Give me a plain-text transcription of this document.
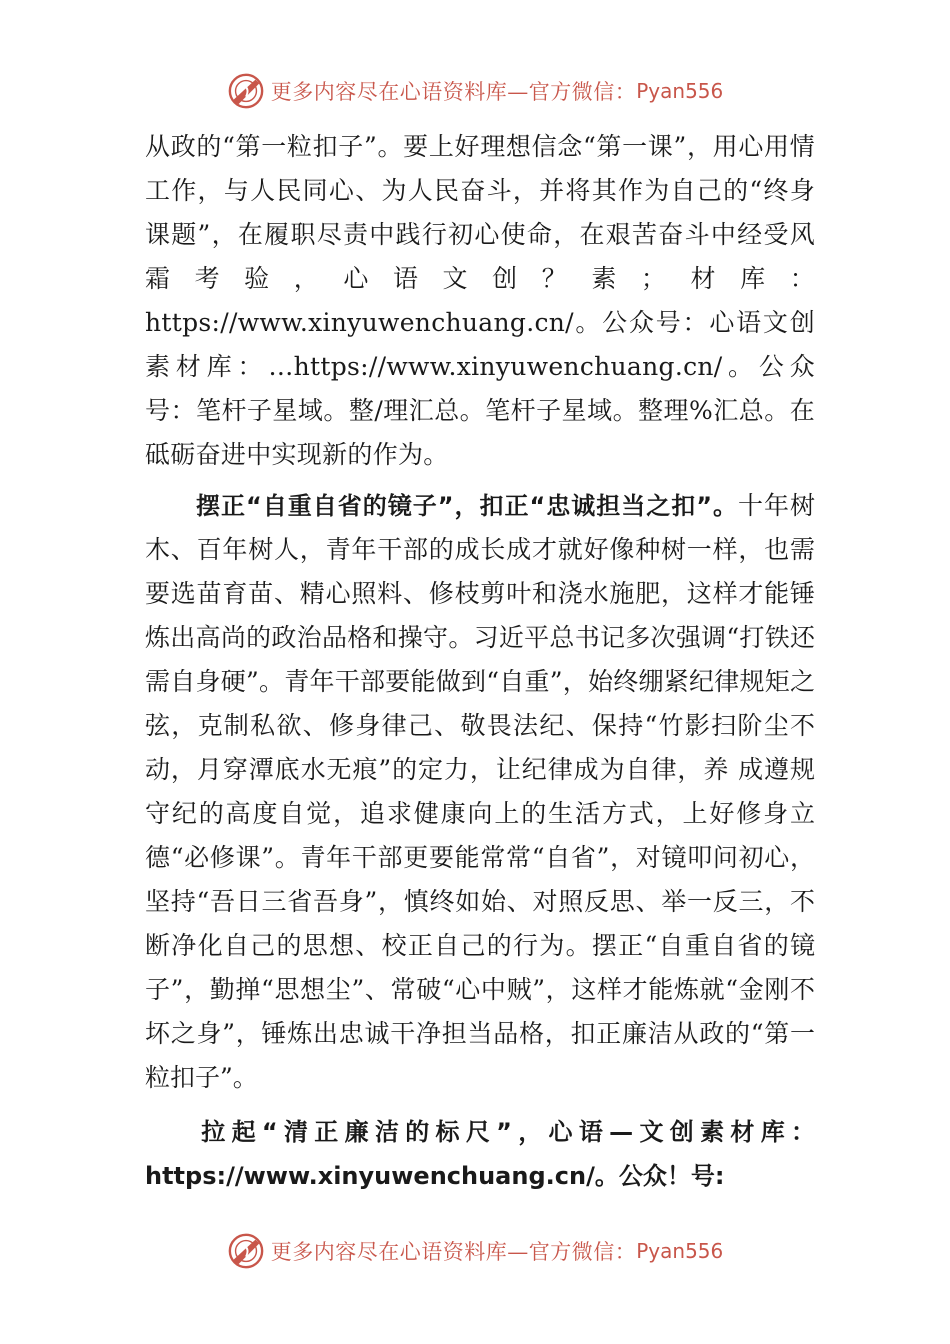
更多内容尽在心语资料库—官方微信： Pyan556

从政的“第一粒扣子”。要上好理想信念“第一课”，用心用情工作，与人民同心、为人民奋斗，并将其作为自己的“终身课题”，在履职尽责中践行初心使命，在艰苦奋斗中经受风霜考验，心语文创？素；材库：https://www.xinyuwenchuang.cn/。公众号：心语文创素材库：…https://www.xinyuwenchuang.cn/。公众号：笔杆子星域。整/理汇总。笔杆子星域。整理%汇总。在砥砺奋进中实现新的作为。

摆正“自重自省的镜子”，扣正“忠诚担当之扣”。十年树木、百年树人，青年干部的成长成才就好像种树一样，也需要选苗育苗、精心照料、修枝剪叶和浇水施肥，这样才能锤炼出高尚的政治品格和操守。习近平总书记多次强调“打铁还需自身硬”。青年干部要能做到“自重”，始终绷紧纪律规矩之弦，克制私欲、修身律己、敬畏法纪、保持“竹影扫阶尘不动，月穿潭底水无痕”的定力，让纪律成为自律，养 成遵规守纪的高度自觉，追求健康向上的生活方式，上好修身立德“必修课”。青年干部更要能常常“自省”，对镜叩问初心，坚持“吾日三省吾身”，慎终如始、对照反思、举一反三，不断净化自己的思想、校正自己的行为。摆正“自重自省的镜子”，勤掸“思想尘”、常破“心中贼”，这样才能炼就“金刚不坏之身”，锤炼出忠诚干净担当品格，扣正廉洁从政的“第一粒扣子”。

拉起“清正廉洁的标尺”，心语—文创素材库：https://www.xinyuwenchuang.cn/。公众！号:

更多内容尽在心语资料库—官方微信： Pyan556
